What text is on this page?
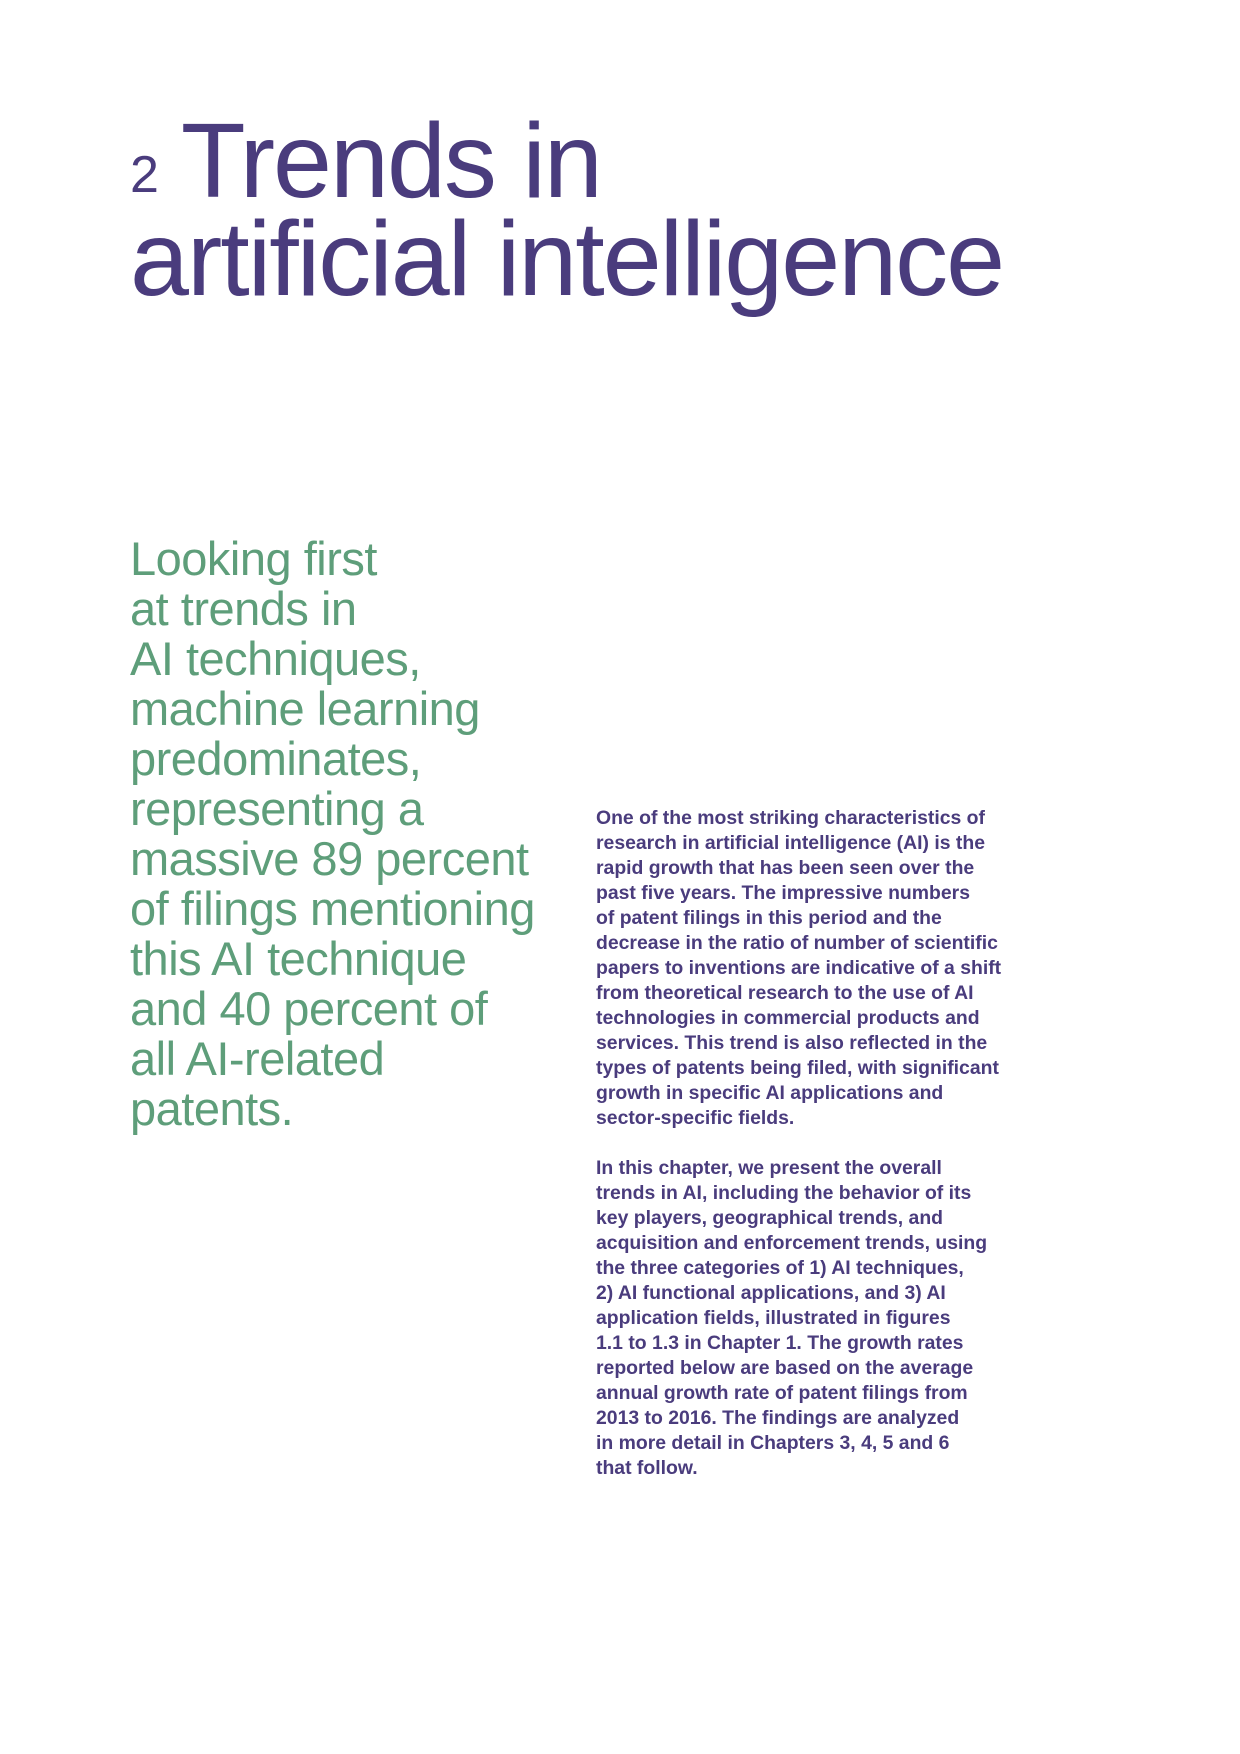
$^2$ Trends in
artificial intelligence
Looking first
at trends in
AI techniques,
machine learning
predominates,
representing a
massive 89 percent
of filings mentioning
this AI technique
and 40 percent of
all AI-related
patents.

One of the most striking characteristics of
research in artificial intelligence (AI) is the
rapid growth that has been seen over the
past five years. The impressive numbers
of patent filings in this period and the
decrease in the ratio of number of scientific
papers to inventions are indicative of a shift
from theoretical research to the use of AI
technologies in commercial products and
services. This trend is also reflected in the
types of patents being filed, with significant
growth in specific AI applications and
sector-specific fields.

In this chapter, we present the overall
trends in AI, including the behavior of its
key players, geographical trends, and
acquisition and enforcement trends, using
the three categories of 1) AI techniques,
2) AI functional applications, and 3) AI
application fields, illustrated in figures
1.1 to 1.3 in Chapter 1. The growth rates
reported below are based on the average
annual growth rate of patent filings from
2013 to 2016. The findings are analyzed
in more detail in Chapters 3, 4, 5 and 6
that follow.
